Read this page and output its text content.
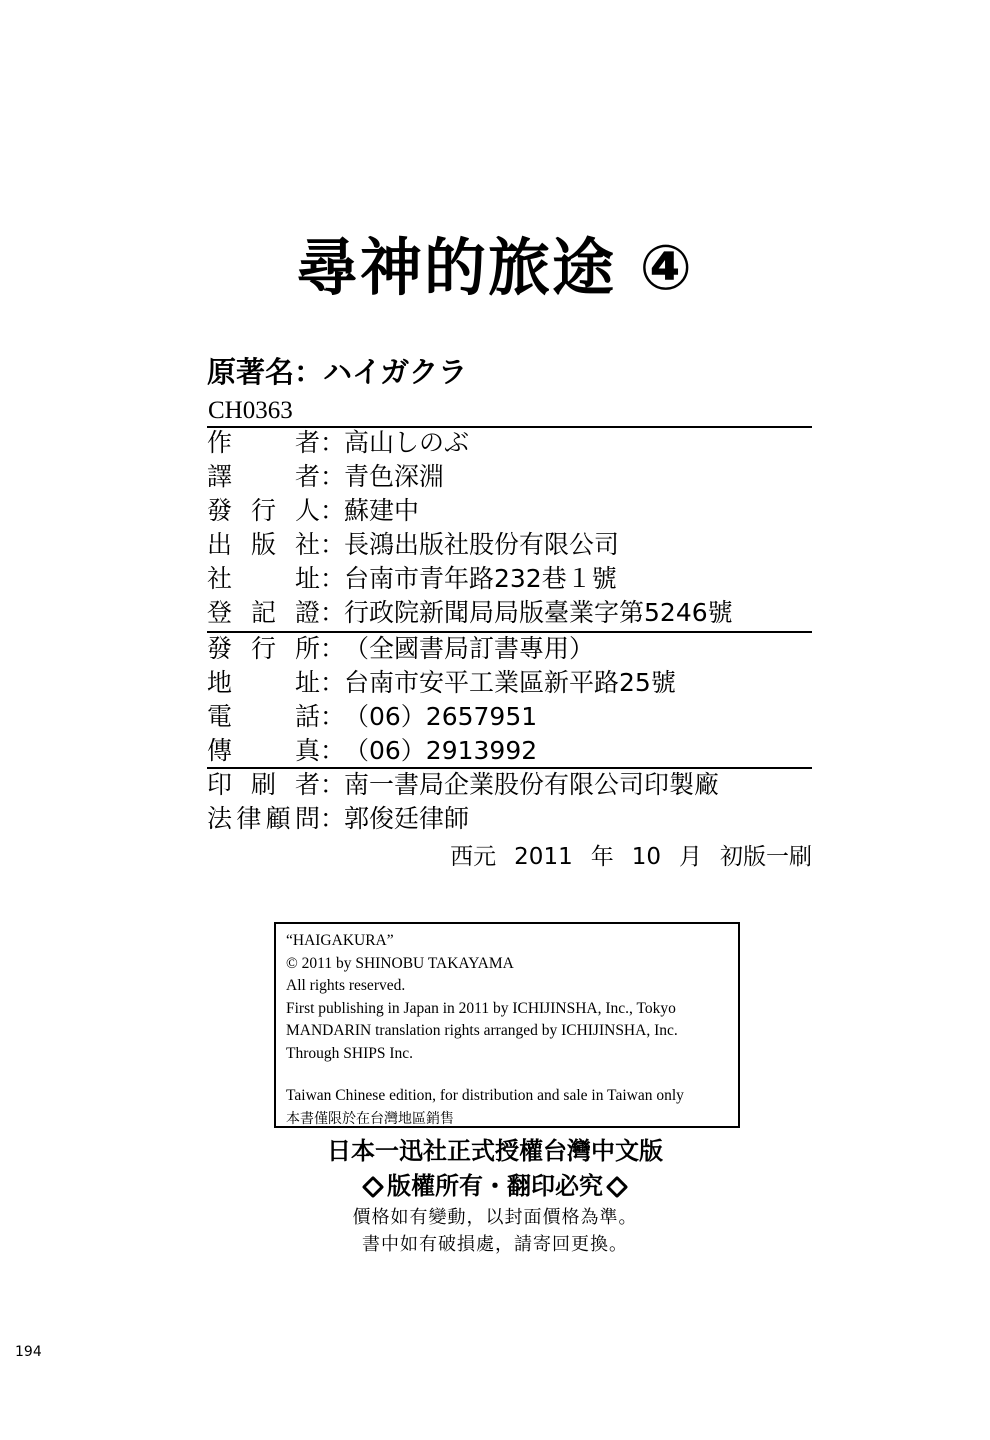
尋神的旅途 ④
原著名：ハイガクラ
CH0363
作	者 ：
高山しのぶ
譯	者 ：
青色深淵
發 行 人 ：
蘇建中
出 版 社 ：
長鴻出版社股份有限公司
社	址 ：
台南市青年路232巷１號
登 記 證 ：
行政院新聞局局版臺業字第5246號
發 行 所 ：
（全國書局訂書專用）
地	址 ：
台南市安平工業區新平路25號
電	話 ：
（06）2657951
傳	真 ：
（06）2913992
印 刷 者 ：
南一書局企業股份有限公司印製廠
法 律 顧 問 ：
郭俊廷律師
西元 2011 年 10 月 初版一刷
“HAIGAKURA”
© 2011 by SHINOBU TAKAYAMA
All rights reserved.
First publishing in Japan in 2011 by ICHIJINSHA, Inc., Tokyo
MANDARIN translation rights arranged by ICHIJINSHA, Inc.
Through SHIPS Inc.
Taiwan Chinese edition, for distribution and sale in Taiwan only
本書僅限於在台灣地區銷售
日本一迅社正式授權台灣中文版
版權所有・翻印必究
價格如有變動，以封面價格為準。
書中如有破損處，請寄回更換。
194
